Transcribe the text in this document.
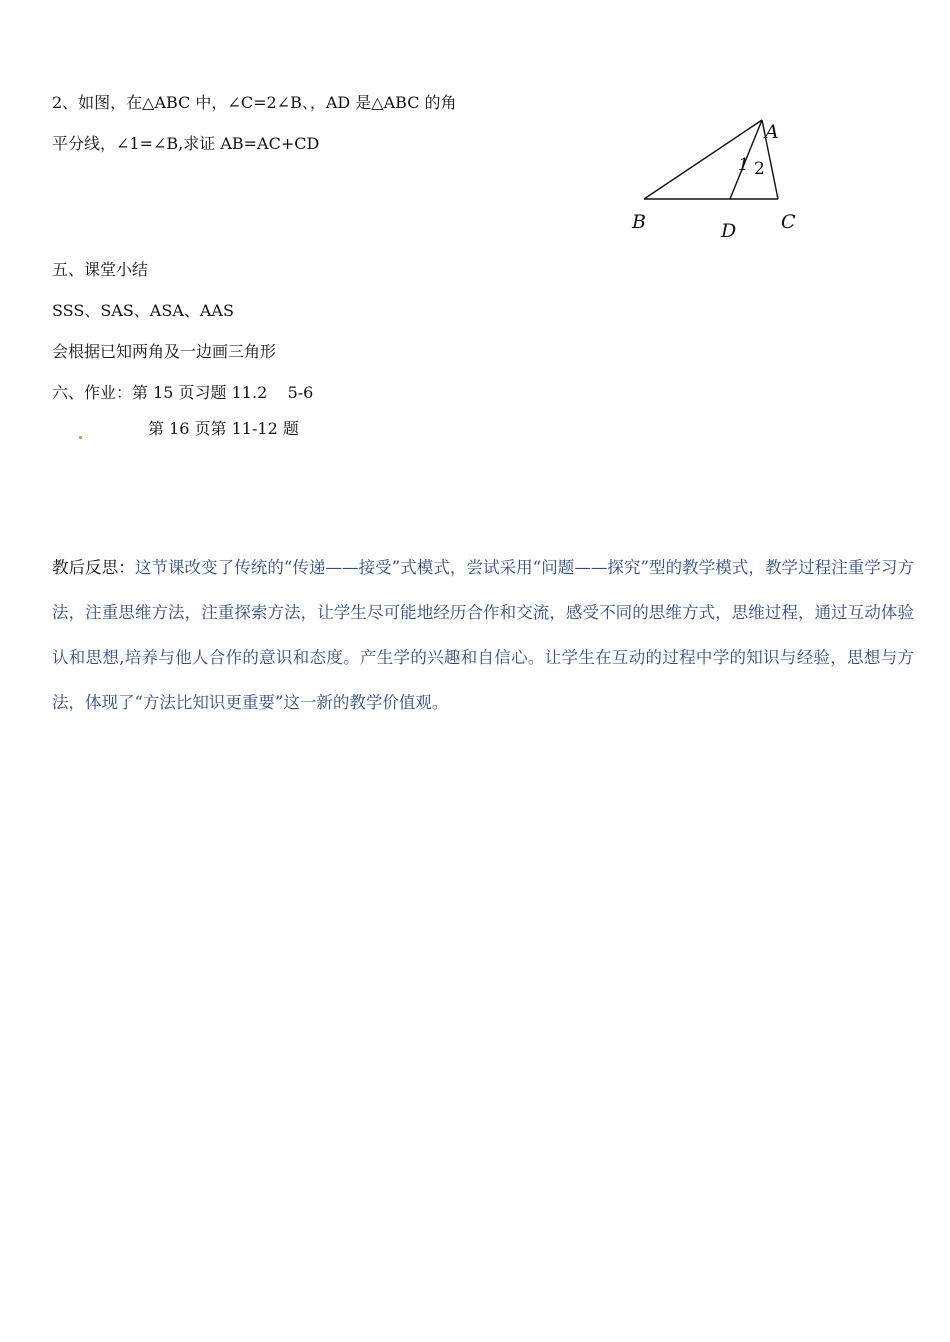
2、如图，在△ABC 中，∠C=2∠B、，AD 是△ABC 的角
平分线，∠1=∠B,求证 AB=AC+CD
A
B	C
D
1 2
五、课堂小结
SSS、SAS、ASA、AAS
会根据已知两角及一边画三角形
六、作业：第 15 页习题 11.2    5-6
第 16 页第 11-12 题
教后反思：这节课改变了传统的“传递——接受”式模式，尝试采用“问题——探究”型的教学模式，教学过程注重学习方法，注重思维方法，注重探索方法，让学生尽可能地经历合作和交流，感受不同的思维方式，思维过程，通过互动体验认和思想,培养与他人合作的意识和态度。产生学的兴趣和自信心。让学生在互动的过程中学的知识与经验，思想与方法，体现了“方法比知识更重要”这一新的教学价值观。
